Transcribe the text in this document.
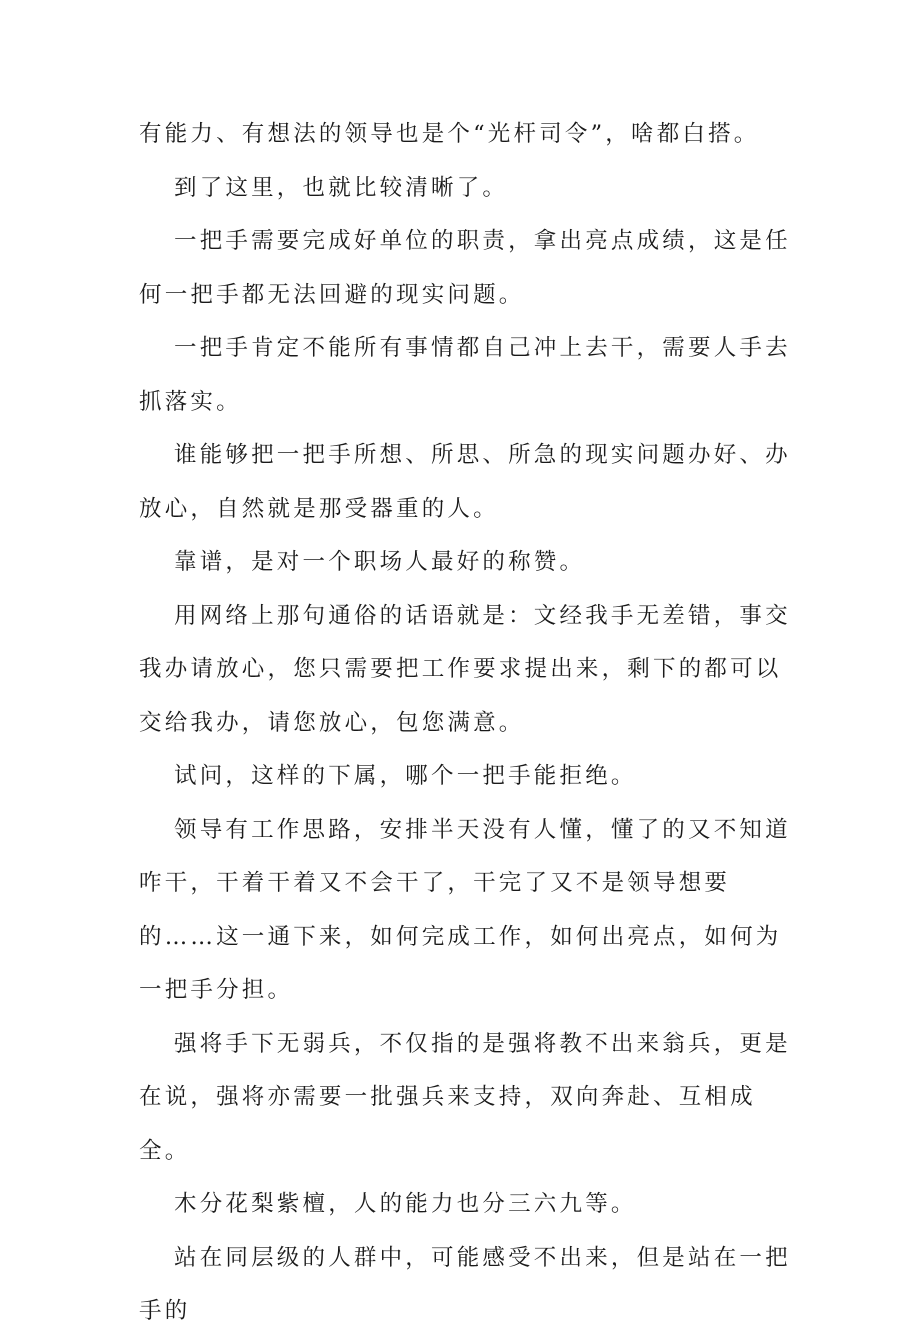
有能力、有想法的领导也是个“光杆司令”，啥都白搭。

到了这里，也就比较清晰了。

一把手需要完成好单位的职责，拿出亮点成绩，这是任何一把手都无法回避的现实问题。

一把手肯定不能所有事情都自己冲上去干，需要人手去抓落实。

谁能够把一把手所想、所思、所急的现实问题办好、办放心，自然就是那受器重的人。

靠谱，是对一个职场人最好的称赞。

用网络上那句通俗的话语就是：文经我手无差错，事交我办请放心，您只需要把工作要求提出来，剩下的都可以交给我办，请您放心，包您满意。

试问，这样的下属，哪个一把手能拒绝。

领导有工作思路，安排半天没有人懂，懂了的又不知道咋干，干着干着又不会干了，干完了又不是领导想要的……这一通下来，如何完成工作，如何出亮点，如何为一把手分担。

强将手下无弱兵，不仅指的是强将教不出来翁兵，更是在说，强将亦需要一批强兵来支持，双向奔赴、互相成全。

木分花梨紫檀，人的能力也分三六九等。

站在同层级的人群中，可能感受不出来，但是站在一把手的
